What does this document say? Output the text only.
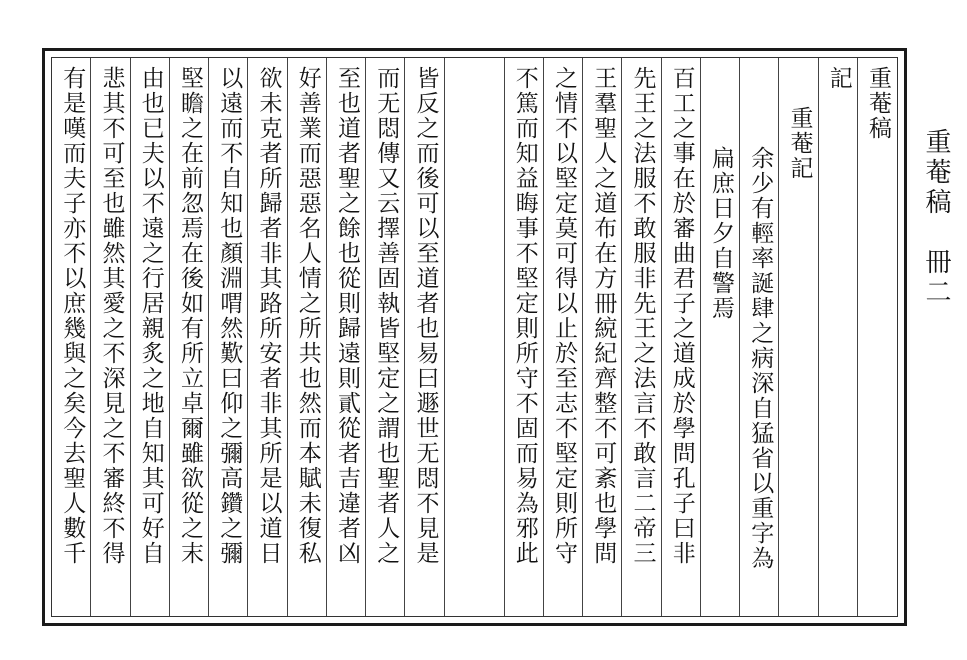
重菴稿　冊二
重菴稿
記
重菴記
余少有輕率誕肆之病深自猛省以重字為
扁庶日夕自警焉
百工之事在於審曲君子之道成於學問孔子曰非
先王之法服不敢服非先王之法言不敢言二帝三
王羣聖人之道布在方冊綂紀齊整不可紊也學問
之情不以堅定莫可得以止於至志不堅定則所守
不篤而知益晦事不堅定則所守不固而易為邪此
皆反之而後可以至道者也易曰遯世无悶不見是
而无悶傳又云擇善固執皆堅定之謂也聖者人之
至也道者聖之餘也從則歸遠則貳從者吉違者凶
好善業而惡惡名人情之所共也然而本賦未復私
欲未克者所歸者非其路所安者非其所是以道日
以遠而不自知也顏淵喟然歎曰仰之彌高鑽之彌
堅瞻之在前忽焉在後如有所立卓爾雖欲從之末
由也已夫以不遠之行居親炙之地自知其可好自
悲其不可至也雖然其愛之不深見之不審終不得
有是嘆而夫子亦不以庶幾與之矣今去聖人數千
